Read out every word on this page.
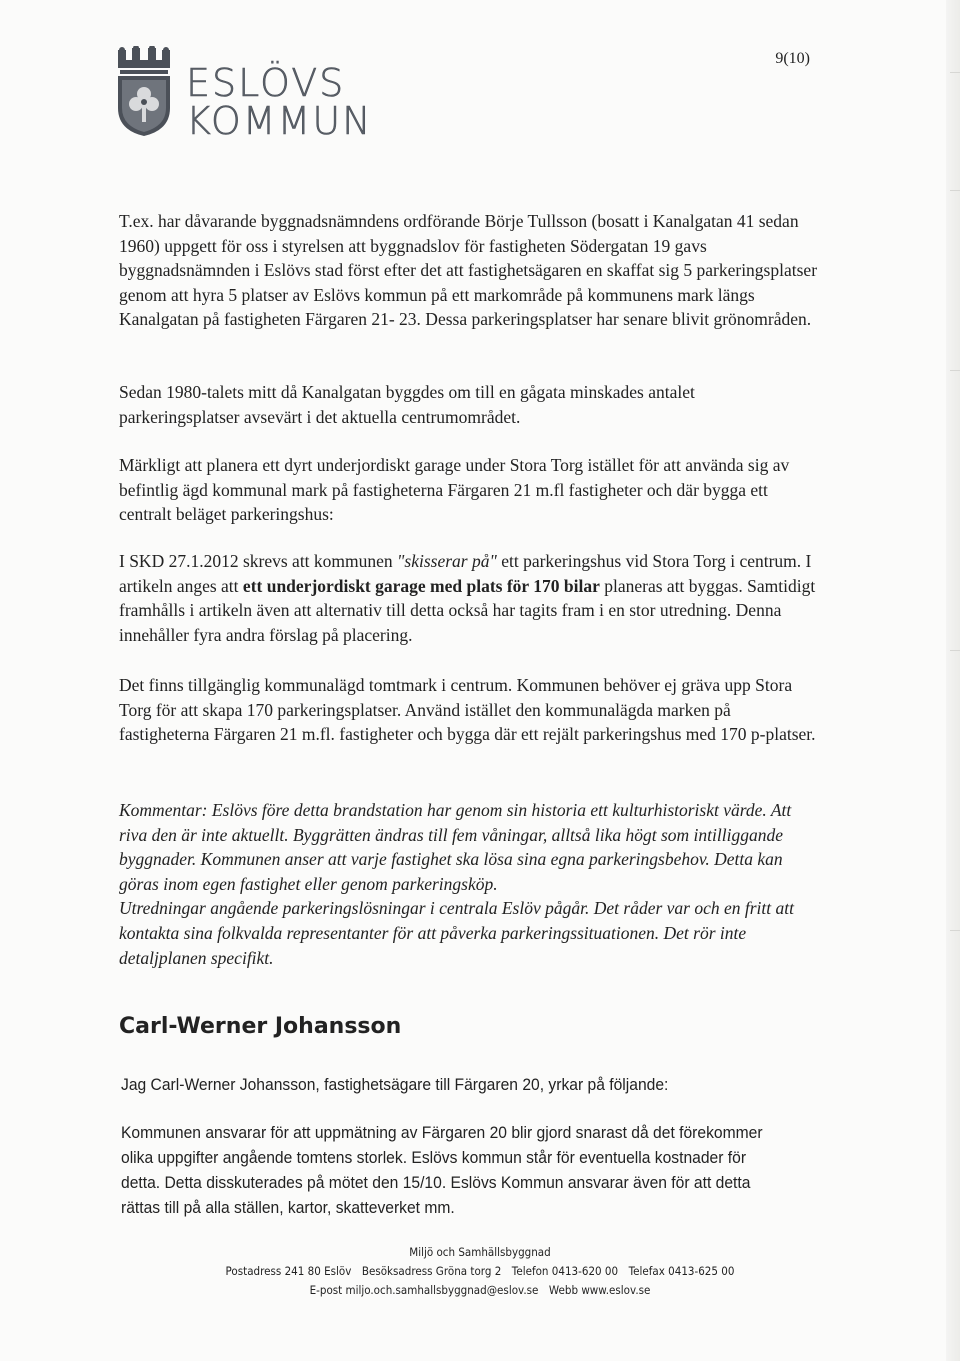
ESLÖVS
KOMMUN
9(10)
T.ex. har dåvarande byggnadsnämndens ordförande Börje Tullsson (bosatt i Kanalgatan 41 sedan 1960) uppgett för oss i styrelsen att byggnadslov för fastigheten Södergatan 19 gavs byggnadsnämnden i Eslövs stad först efter det att fastighetsägaren en skaffat sig 5 parkeringsplatser genom att hyra 5 platser av Eslövs kommun på ett markområde på kommunens mark längs Kanalgatan på fastigheten Färgaren 21- 23. Dessa parkeringsplatser har senare blivit grönområden.
Sedan 1980-talets mitt då Kanalgatan byggdes om till en gågata minskades antalet parkeringsplatser avsevärt i det aktuella centrumområdet.
Märkligt att planera ett dyrt underjordiskt garage under Stora Torg istället för att använda sig av befintlig ägd kommunal mark på fastigheterna Färgaren 21 m.fl fastigheter och där bygga ett centralt beläget parkeringshus:
I SKD 27.1.2012 skrevs att kommunen "skisserar på" ett parkeringshus vid Stora Torg i centrum. I artikeln anges att ett underjordiskt garage med plats för 170 bilar planeras att byggas. Samtidigt framhålls i artikeln även att alternativ till detta också har tagits fram i en stor utredning. Denna innehåller fyra andra förslag på placering.
Det finns tillgänglig kommunalägd tomtmark i centrum. Kommunen behöver ej gräva upp Stora Torg för att skapa 170 parkeringsplatser. Använd istället den kommunalägda marken på fastigheterna Färgaren 21 m.fl. fastigheter och bygga där ett rejält parkeringshus med 170 p-platser.
Kommentar: Eslövs före detta brandstation har genom sin historia ett kulturhistoriskt värde. Att riva den är inte aktuellt. Byggrätten ändras till fem våningar, alltså lika högt som intilliggande byggnader. Kommunen anser att varje fastighet ska lösa sina egna parkeringsbehov. Detta kan göras inom egen fastighet eller genom parkeringsköp.
Utredningar angående parkeringslösningar i centrala Eslöv pågår. Det råder var och en fritt att kontakta sina folkvalda representanter för att påverka parkeringssituationen. Det rör inte detaljplanen specifikt.
Carl-Werner Johansson
Jag Carl-Werner Johansson, fastighetsägare till Färgaren 20, yrkar på följande:
Kommunen ansvarar för att uppmätning av Färgaren 20 blir gjord snarast då det förekommer olika uppgifter angående tomtens storlek. Eslövs kommun står för eventuella kostnader för detta. Detta disskuterades på mötet den 15/10. Eslövs Kommun ansvarar även för att detta rättas till på alla ställen, kartor, skatteverket mm.
Miljö och Samhällsbyggnad
Postadress 241 80 Eslöv Besöksadress Gröna torg 2 Telefon 0413-620 00 Telefax 0413-625 00
E-post miljo.och.samhallsbyggnad@eslov.se Webb www.eslov.se
